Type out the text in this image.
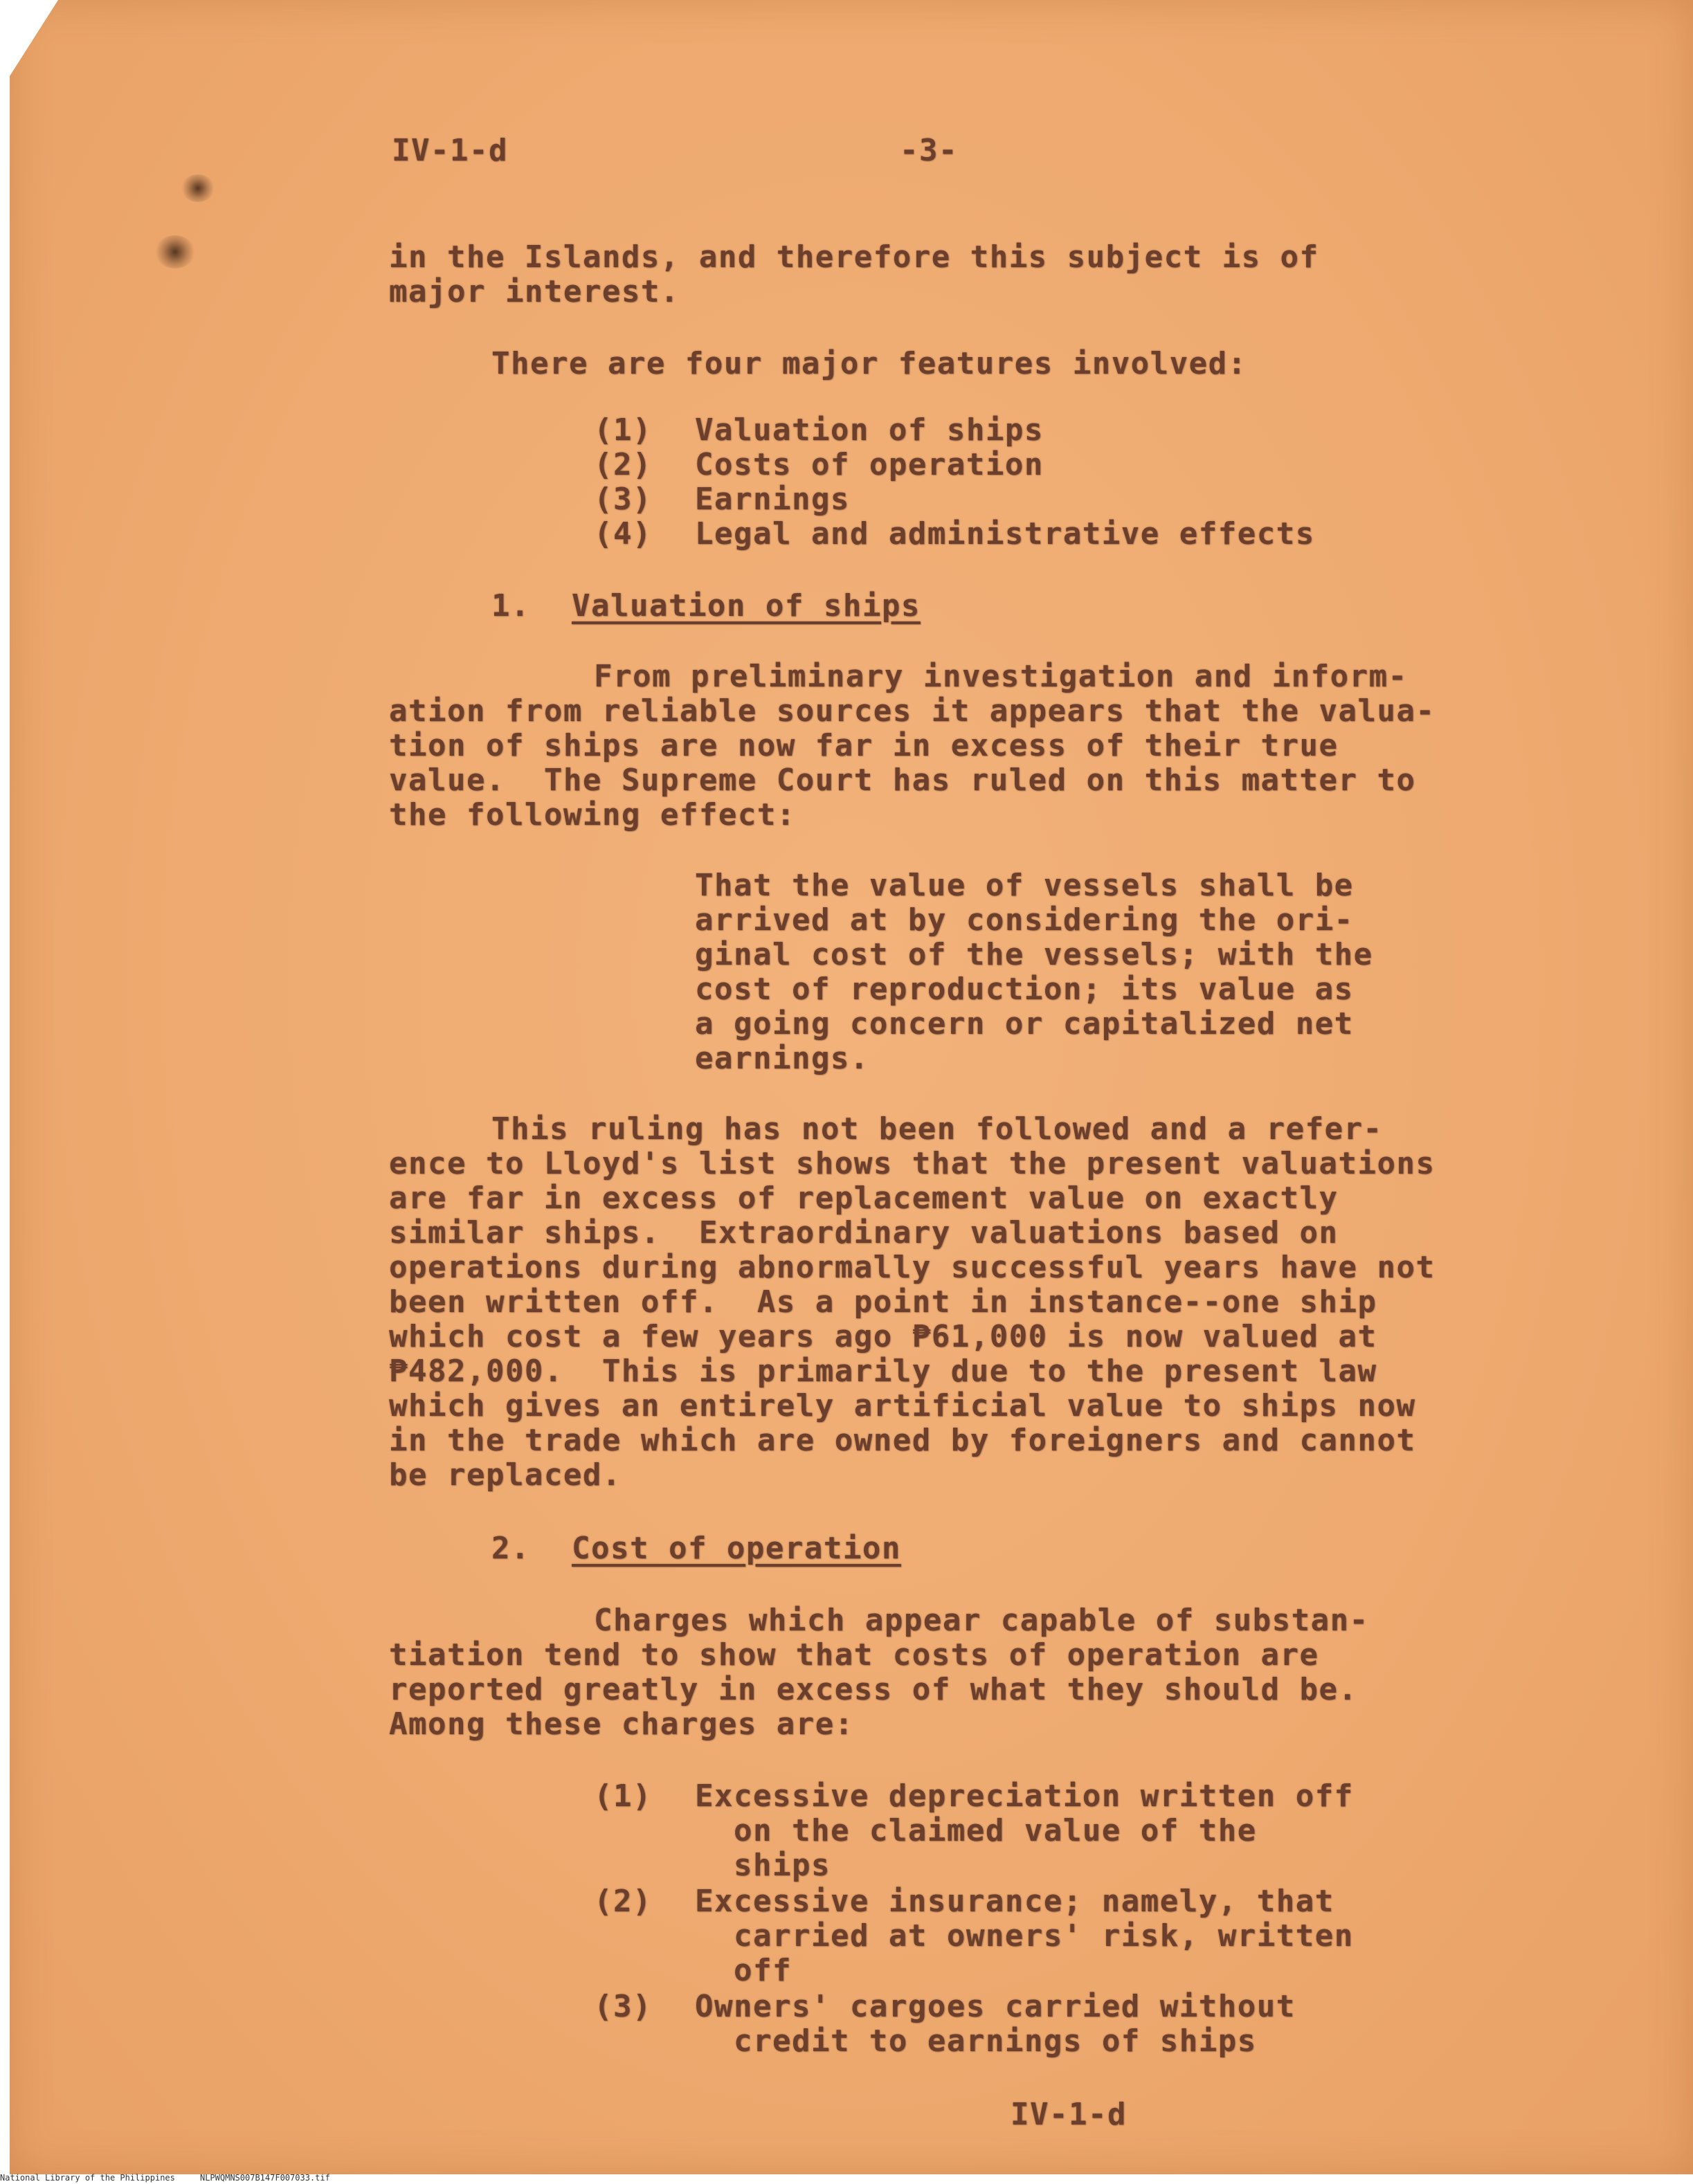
IV-1-d	-3-

in the Islands, and therefore this subject is of

major interest.

There are four major features involved:

(1) Valuation of ships

(2) Costs of operation

(3) Earnings

(4) Legal and administrative effects

1. Valuation of ships

From preliminary investigation and inform-

ation from reliable sources it appears that the valua-

tion of ships are now far in excess of their true

value.  The Supreme Court has ruled on this matter to

the following effect:

That the value of vessels shall be

arrived at by considering the ori-

ginal cost of the vessels; with the

cost of reproduction; its value as

a going concern or capitalized net

earnings.

This ruling has not been followed and a refer-

ence to Lloyd's list shows that the present valuations

are far in excess of replacement value on exactly

similar ships.  Extraordinary valuations based on

operations during abnormally successful years have not

been written off.  As a point in instance--one ship

which cost a few years ago ₱61,000 is now valued at

₱482,000.  This is primarily due to the present law

which gives an entirely artificial value to ships now

in the trade which are owned by foreigners and cannot

be replaced.

2. Cost of operation

Charges which appear capable of substan-

tiation tend to show that costs of operation are

reported greatly in excess of what they should be.

Among these charges are:

(1) Excessive depreciation written off

on the claimed value of the

ships

(2) Excessive insurance; namely, that

carried at owners' risk, written

off

(3) Owners' cargoes carried without

credit to earnings of ships

IV-1-d

National Library of the Philippines     NLPWQMNS007B147F007033.tif
